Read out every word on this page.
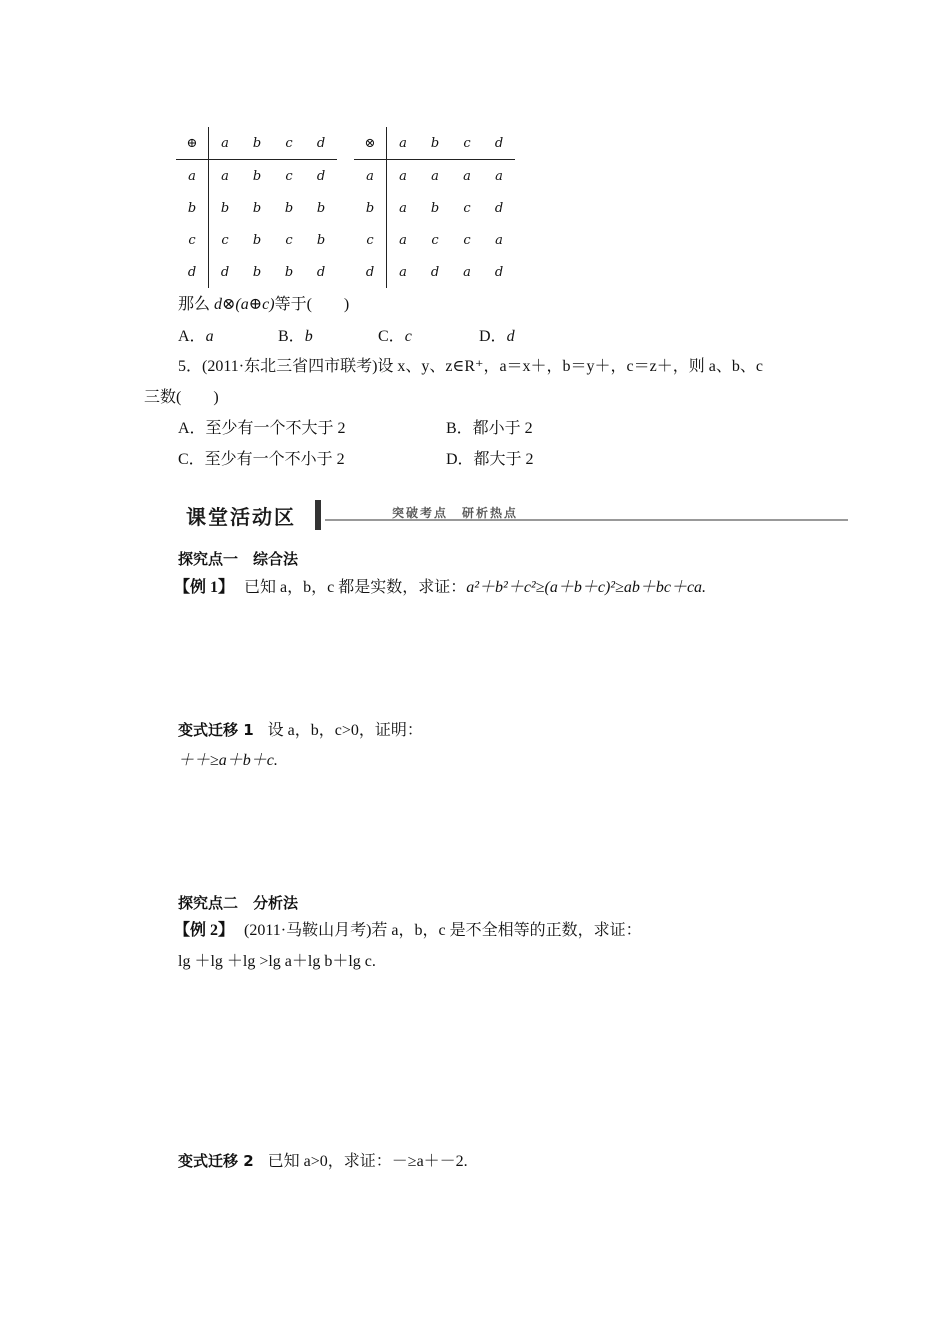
⊕	a	b	c	d
a	a	b	c	d
b	b	b	b	b
c	c	b	c	b
d	d	b	b	d
⊗	a	b	c	d
a	a	a	a	a
b	a	b	c	d
c	a	c	c	a
d	a	d	a	d
那么 d⊗(a⊕c)等于(　　)
A．a	B．b	C．c	D．d
5．(2011·东北三省四市联考)设 x、y、z∈R⁺，a＝x＋，b＝y＋，c＝z＋，则 a、b、c
三数(　　)
A．至少有一个不大于 2	B．都小于 2
C．至少有一个不小于 2	D．都大于 2
课堂活动区	突破考点　研析热点
探究点一　综合法
【例 1】 已知 a，b，c 都是实数，求证：a²＋b²＋c²≥(a＋b＋c)²≥ab＋bc＋ca.
变式迁移 1 设 a，b，c>0，证明：
＋＋≥a＋b＋c.
探究点二　分析法
【例 2】 (2011·马鞍山月考)若 a，b，c 是不全相等的正数，求证：
lg ＋lg ＋lg >lg a＋lg b＋lg c.
变式迁移 2 已知 a>0，求证：－≥a＋－2.
